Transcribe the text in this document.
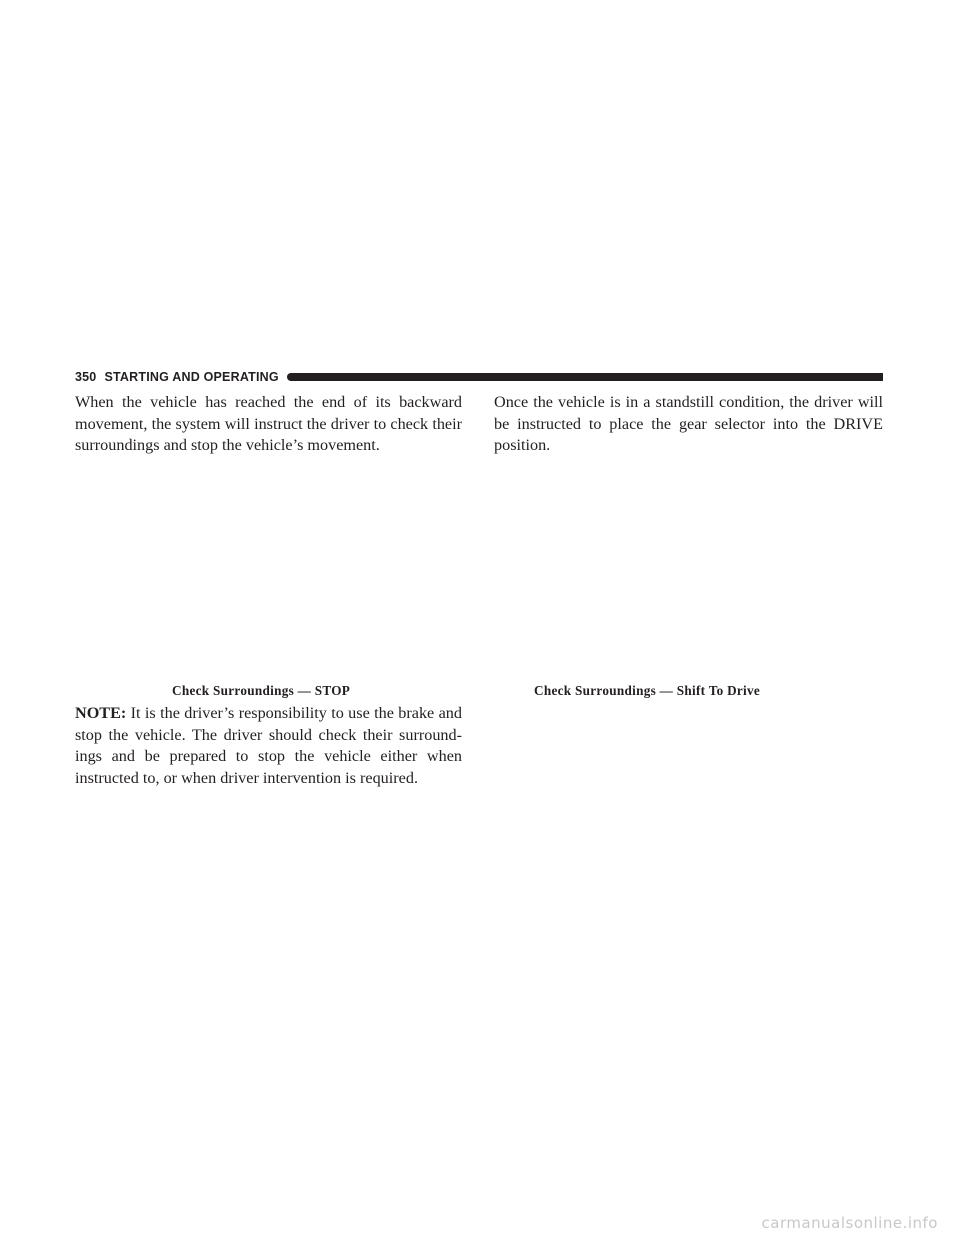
350 STARTING AND OPERATING

When the vehicle has reached the end of its backward movement, the system will instruct the driver to check their surroundings and stop the vehicle’s movement.

Once the vehicle is in a standstill condition, the driver will be instructed to place the gear selector into the DRIVE position.

Check Surroundings — STOP	Check Surroundings — Shift To Drive

NOTE: It is the driver’s responsibility to use the brake and stop the vehicle. The driver should check their surround-ings and be prepared to stop the vehicle either when instructed to, or when driver intervention is required.

carmanualsonline.info
